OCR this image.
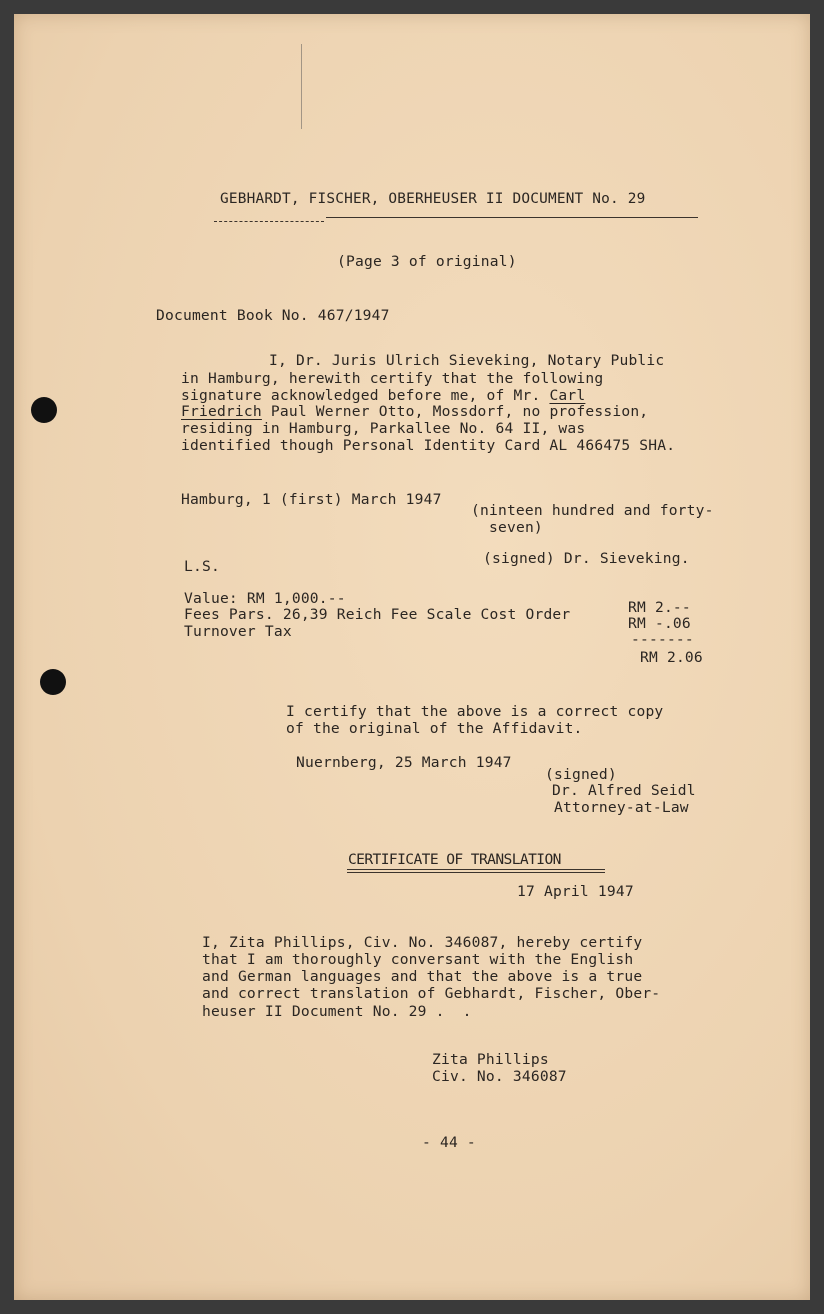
GEBHARDT, FISCHER, OBERHEUSER II DOCUMENT No. 29
(Page 3 of original)
Document Book No. 467/1947
I, Dr. Juris Ulrich Sieveking, Notary Public
in Hamburg, herewith certify that the following
signature acknowledged before me, of Mr. Carl
Friedrich Paul Werner Otto, Mossdorf, no profession,
residing in Hamburg, Parkallee No. 64 II, was
identified though Personal Identity Card AL 466475 SHA.
Hamburg, 1 (first) March 1947
(ninteen hundred and forty-
seven)
L.S.	(signed) Dr. Sieveking.
Value: RM 1,000.--
Fees Pars. 26,39 Reich Fee Scale Cost Order
Turnover Tax
RM 2.--
RM -.06
-------
RM 2.06
I certify that the above is a correct copy
of the original of the Affidavit.
Nuernberg, 25 March 1947
(signed)
Dr. Alfred Seidl
Attorney-at-Law
CERTIFICATE OF TRANSLATION
17 April 1947
I, Zita Phillips, Civ. No. 346087, hereby certify
that I am thoroughly conversant with the English
and German languages and that the above is a true
and correct translation of Gebhardt, Fischer, Ober-
heuser II Document No. 29 .  .
Zita Phillips
Civ. No. 346087
- 44 -
